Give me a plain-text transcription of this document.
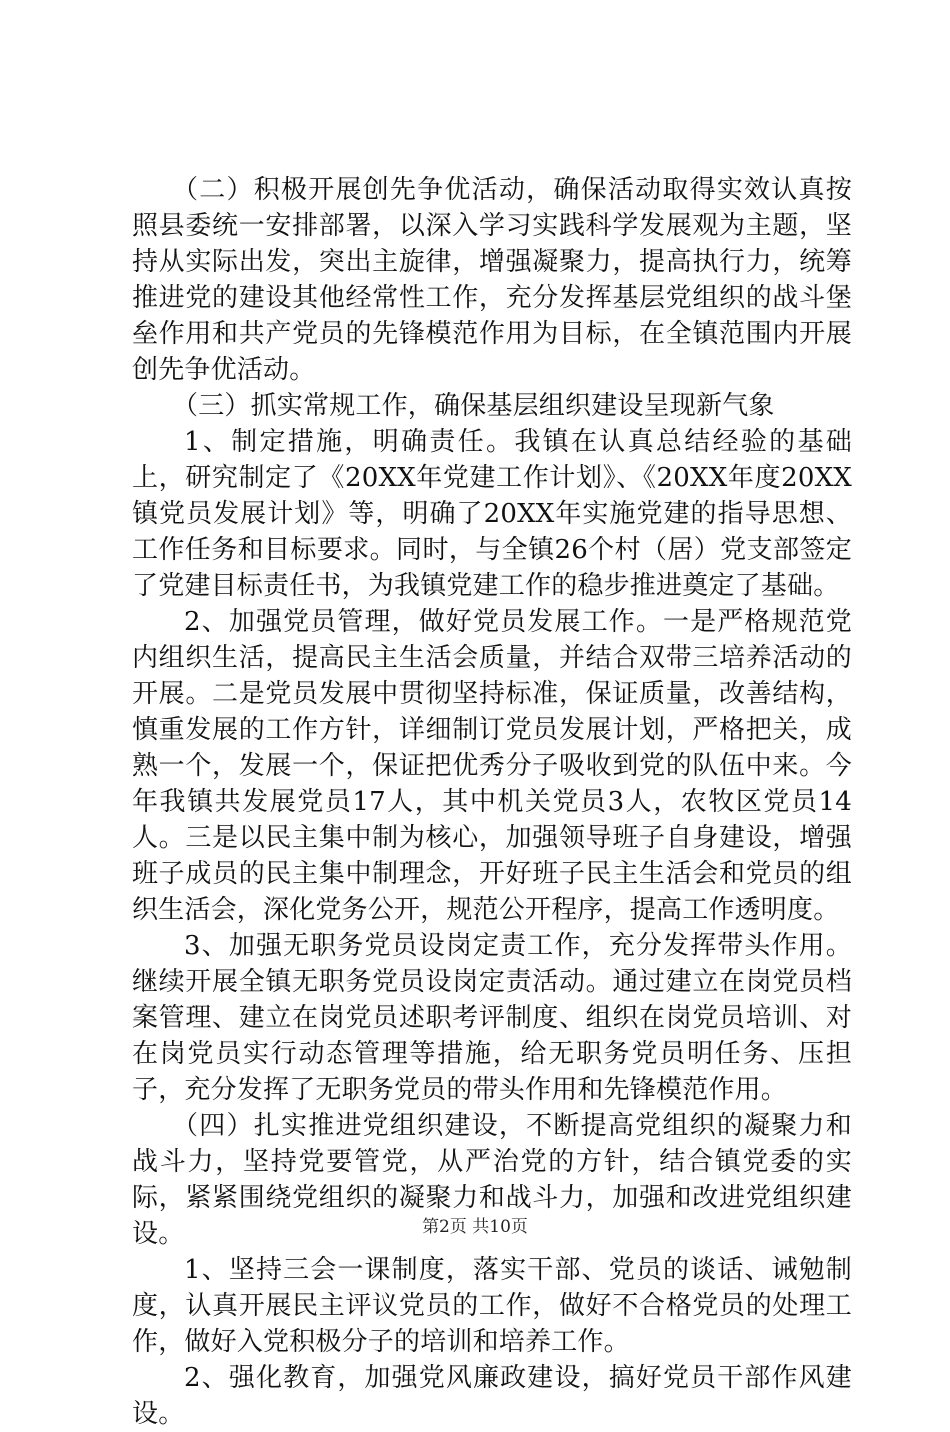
（二）积极开展创先争优活动，确保活动取得实效认真按照县委统一安排部署，以深入学习实践科学发展观为主题，坚持从实际出发，突出主旋律，增强凝聚力，提高执行力，统筹推进党的建设其他经常性工作，充分发挥基层党组织的战斗堡垒作用和共产党员的先锋模范作用为目标，在全镇范围内开展创先争优活动。

（三）抓实常规工作，确保基层组织建设呈现新气象

1、制定措施，明确责任。我镇在认真总结经验的基础上，研究制定了《20XX年党建工作计划》、《20XX年度20XX镇党员发展计划》等，明确了20XX年实施党建的指导思想、工作任务和目标要求。同时，与全镇26个村（居）党支部签定了党建目标责任书，为我镇党建工作的稳步推进奠定了基础。

2、加强党员管理，做好党员发展工作。一是严格规范党内组织生活，提高民主生活会质量，并结合双带三培养活动的开展。二是党员发展中贯彻坚持标准，保证质量，改善结构，慎重发展的工作方针，详细制订党员发展计划，严格把关，成熟一个，发展一个，保证把优秀分子吸收到党的队伍中来。今年我镇共发展党员17人，其中机关党员3人，农牧区党员14人。三是以民主集中制为核心，加强领导班子自身建设，增强班子成员的民主集中制理念，开好班子民主生活会和党员的组织生活会，深化党务公开，规范公开程序，提高工作透明度。

3、加强无职务党员设岗定责工作，充分发挥带头作用。继续开展全镇无职务党员设岗定责活动。通过建立在岗党员档案管理、建立在岗党员述职考评制度、组织在岗党员培训、对在岗党员实行动态管理等措施，给无职务党员明任务、压担子，充分发挥了无职务党员的带头作用和先锋模范作用。

（四）扎实推进党组织建设，不断提高党组织的凝聚力和战斗力，坚持党要管党，从严治党的方针，结合镇党委的实际，紧紧围绕党组织的凝聚力和战斗力，加强和改进党组织建设。

1、坚持三会一课制度，落实干部、党员的谈话、诫勉制度，认真开展民主评议党员的工作，做好不合格党员的处理工作，做好入党积极分子的培训和培养工作。

2、强化教育，加强党风廉政建设，搞好党员干部作风建设。

第2页 共10页
